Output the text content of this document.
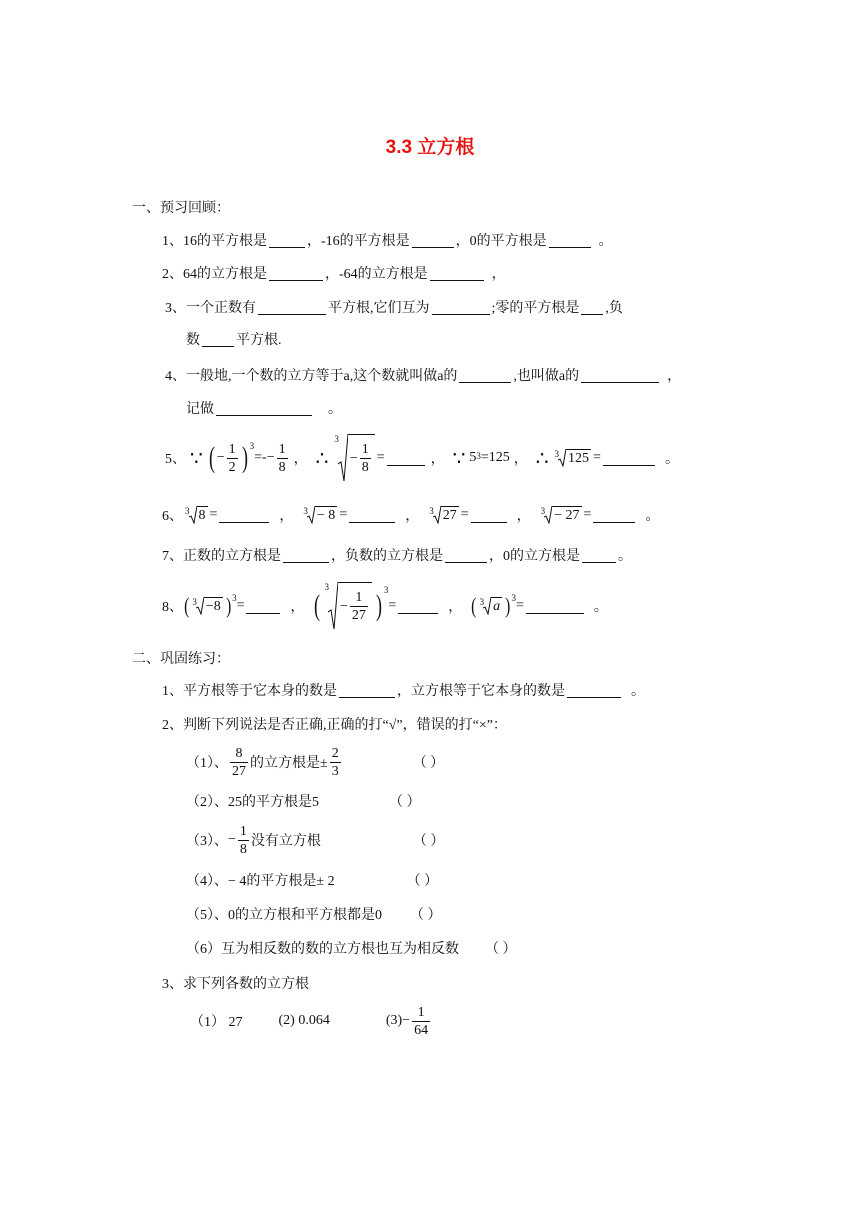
3.3 立方根
一、预习回顾：
1、 16的平方根是	，-16的平方根是	，0的平方根是	。
2、 64的立方根是	，-64的立方根是	，
3、 一个正数有	平方根,它们互为	;零的平方根是 ,负
数	平方根.
4、 一般地,一个数的立方等于a,这个数就叫做a的	,也叫做a的	，
记做	。
5、 ∵ ( − $\frac{1}{2}$ ) 3
=- − $\frac{1}{8}$ ， ∴
3
− $\frac{1}{8}$ =	， ∵ 5 3 =125 ， ∴ 3 125 =	。
6、 3 8 =	， 3 − 8 =	， 3 27 =	， 3 − 27 =	。
7、 正数的立方根是	，负数的立方根是	，0的立方根是	。
8、 ( 3 −8 ) 3 =	， (
3
− $\frac{1}{27}$ ) 3
=	， ( 3 a ) 3 =	。
二、巩固练习：
1、 平方根等于它本身的数是	，立方根等于它本身的数是	。
2、 判断下列说法是否正确,正确的打“√”，错误的打“×”：
（1）、 $\frac{8}{27}$ 的立方根是± $\frac{2}{3}$	（ ）
（2）、 25的平方根是5	（ ）
（3）、 − $\frac{1}{8}$ 没有立方根	（ ）
（4）、 − 4的平方根是± 2	（ ）
（5）、 0的立方根和平方根都是0 （ ）
（6） 互为相反数的数的立方根也互为相反数 （ ）
3、 求下列各数的立方根
（1） 27	(2) 0.064	$(3)- \frac{1}{64}$
